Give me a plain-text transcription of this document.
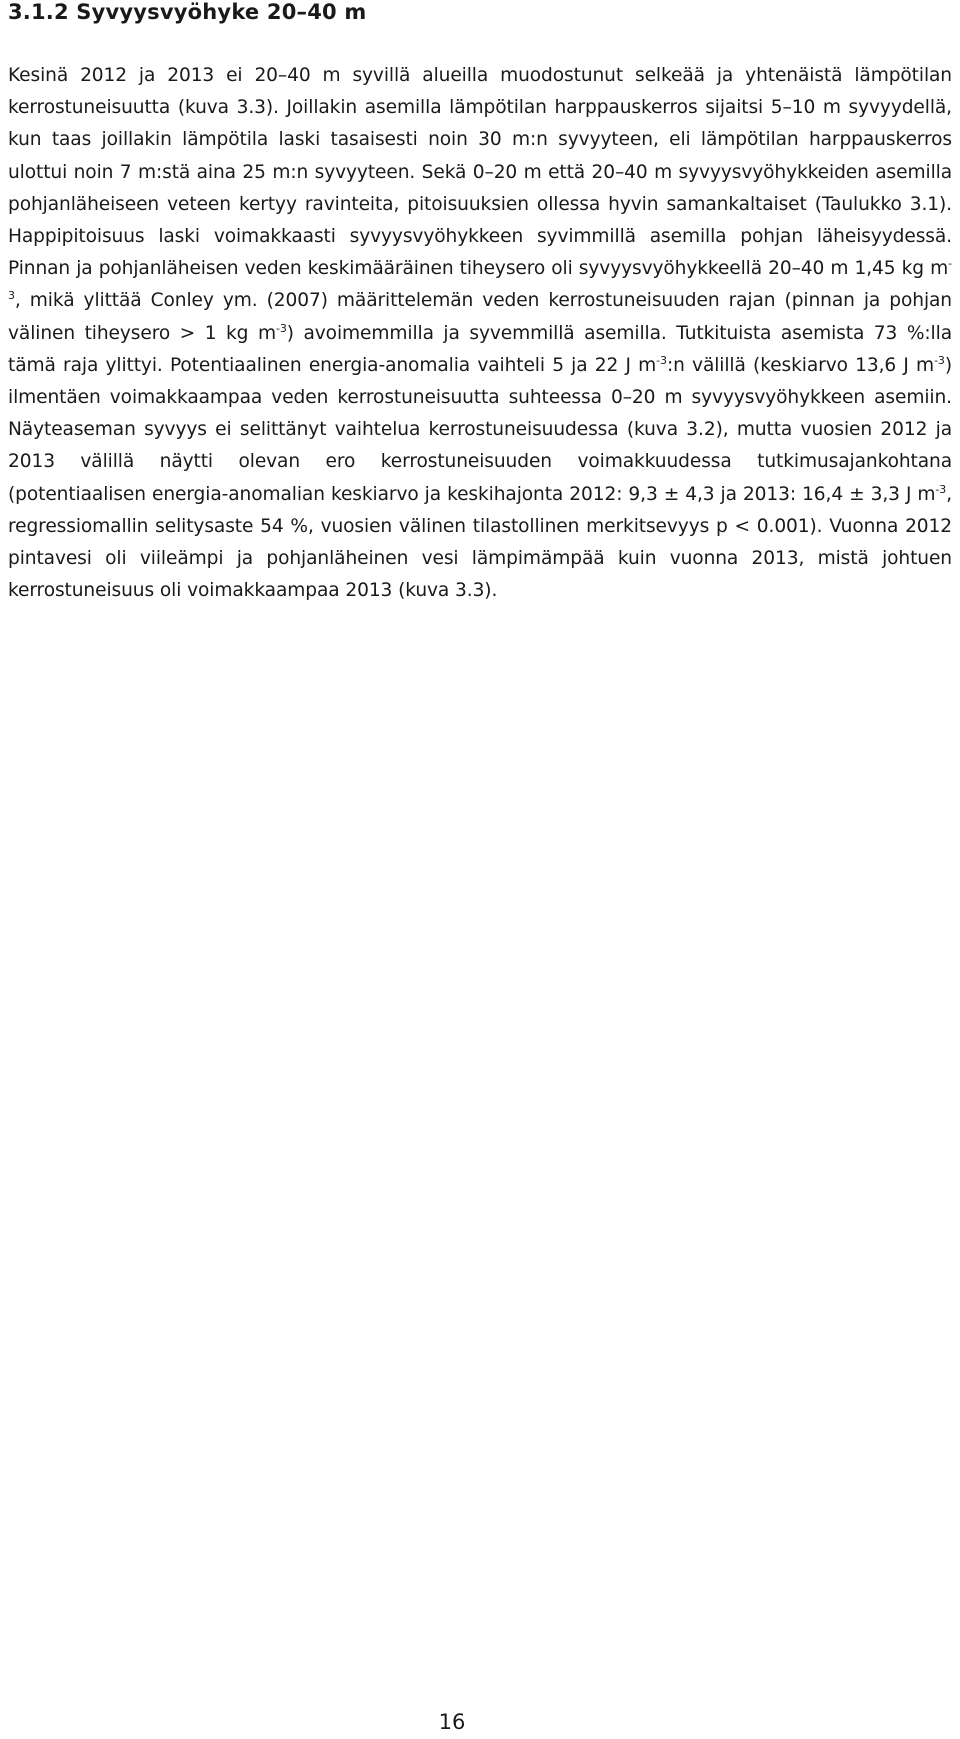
3.1.2 Syvyysvyöhyke 20–40 m

Kesinä 2012 ja 2013 ei 20–40 m syvillä alueilla muodostunut selkeää ja yhtenäistä lämpötilan kerrostuneisuutta (kuva 3.3). Joillakin asemilla lämpötilan harppauskerros sijaitsi 5–10 m syvyydellä, kun taas joillakin lämpötila laski tasaisesti noin 30 m:n syvyyteen, eli lämpötilan harppauskerros ulottui noin 7 m:stä aina 25 m:n syvyyteen. Sekä 0–20 m että 20–40 m syvyysvyöhykkeiden asemilla pohjanläheiseen veteen kertyy ravinteita, pitoisuuksien ollessa hyvin samankaltaiset (Taulukko 3.1). Happipitoisuus laski voimakkaasti syvyysvyöhykkeen syvimmillä asemilla pohjan läheisyydessä. Pinnan ja pohjanläheisen veden keskimääräinen tiheysero oli syvyysvyöhykkeellä 20–40 m 1,45 kg $m^{-3}$, mikä ylittää Conley ym. (2007) määrittelemän veden kerrostuneisuuden rajan (pinnan ja pohjan välinen tiheysero > 1 kg $m^{-3}$) avoimemmilla ja syvemmillä asemilla. Tutkituista asemista 73 %:lla tämä raja ylittyi. Potentiaalinen energia-anomalia vaihteli 5 ja 22 J $m^{-3}:n$ välillä (keskiarvo 13,6 J $m^{-3}$) ilmentäen voimakkaampaa veden kerrostuneisuutta suhteessa 0–20 m syvyysvyöhykkeen asemiin. Näyteaseman syvyys ei selittänyt vaihtelua kerrostuneisuudessa (kuva 3.2), mutta vuosien 2012 ja 2013 välillä näytti olevan ero kerrostuneisuuden voimakkuudessa tutkimusajankohtana (potentiaalisen energia-anomalian keskiarvo ja keskihajonta 2012: 9,3 ± 4,3 ja 2013: 16,4 ± 3,3 J $m^{-3}$, regressiomallin selitysaste 54 %, vuosien välinen tilastollinen merkitsevyys p < 0.001). Vuonna 2012 pintavesi oli viileämpi ja pohjanläheinen vesi lämpimämpää kuin vuonna 2013, mistä johtuen kerrostuneisuus oli voimakkaampaa 2013 (kuva 3.3).

16
